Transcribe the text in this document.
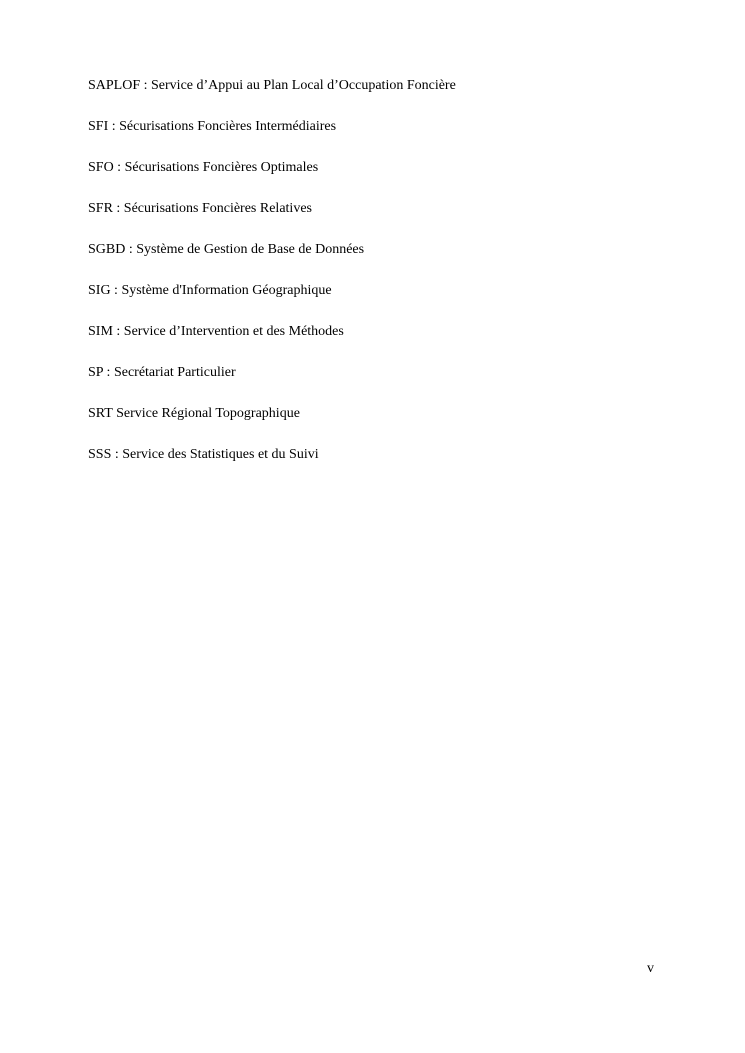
SAPLOF : Service d’Appui au Plan Local d’Occupation Foncière
SFI : Sécurisations Foncières Intermédiaires
SFO : Sécurisations Foncières Optimales
SFR : Sécurisations Foncières Relatives
SGBD : Système de Gestion de Base de Données
SIG : Système d'Information Géographique
SIM : Service d’Intervention et des Méthodes
SP : Secrétariat Particulier
SRT Service Régional Topographique
SSS : Service des Statistiques et du Suivi
v
